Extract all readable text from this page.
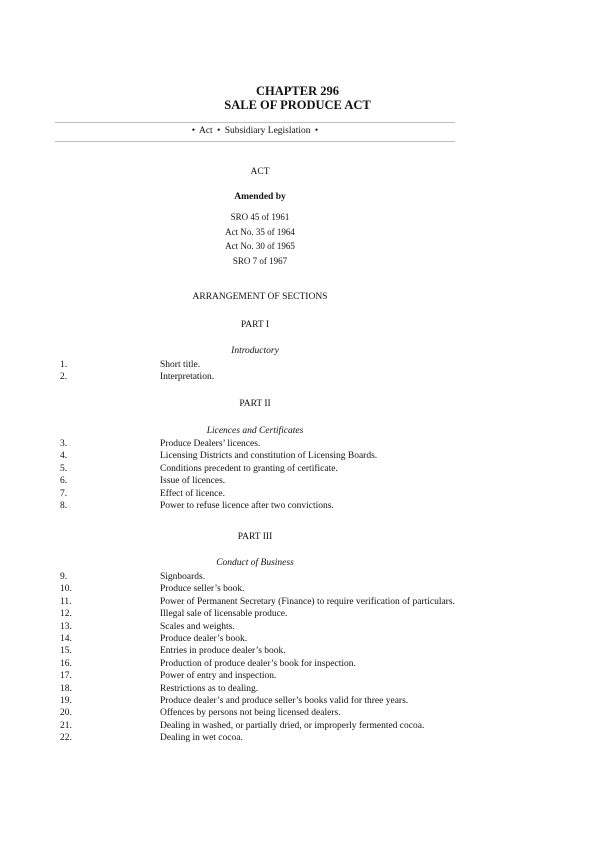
CHAPTER 296
SALE OF PRODUCE ACT
• Act • Subsidiary Legislation •
ACT
Amended by
SRO 45 of 1961
Act No. 35 of 1964
Act No. 30 of 1965
SRO 7 of 1967
ARRANGEMENT OF SECTIONS
PART I
Introductory
1.	Short title.
2.	Interpretation.
PART II
Licences and Certificates
3.	Produce Dealers’ licences.
4.	Licensing Districts and constitution of Licensing Boards.
5.	Conditions precedent to granting of certificate.
6.	Issue of licences.
7.	Effect of licence.
8.	Power to refuse licence after two convictions.
PART III
Conduct of Business
9.	Signboards.
10.	Produce seller’s book.
11.	Power of Permanent Secretary (Finance) to require verification of particulars.
12.	Illegal sale of licensable produce.
13.	Scales and weights.
14.	Produce dealer’s book.
15.	Entries in produce dealer’s book.
16.	Production of produce dealer’s book for inspection.
17.	Power of entry and inspection.
18.	Restrictions as to dealing.
19.	Produce dealer’s and produce seller’s books valid for three years.
20.	Offences by persons not being licensed dealers.
21.	Dealing in washed, or partially dried, or improperly fermented cocoa.
22.	Dealing in wet cocoa.
